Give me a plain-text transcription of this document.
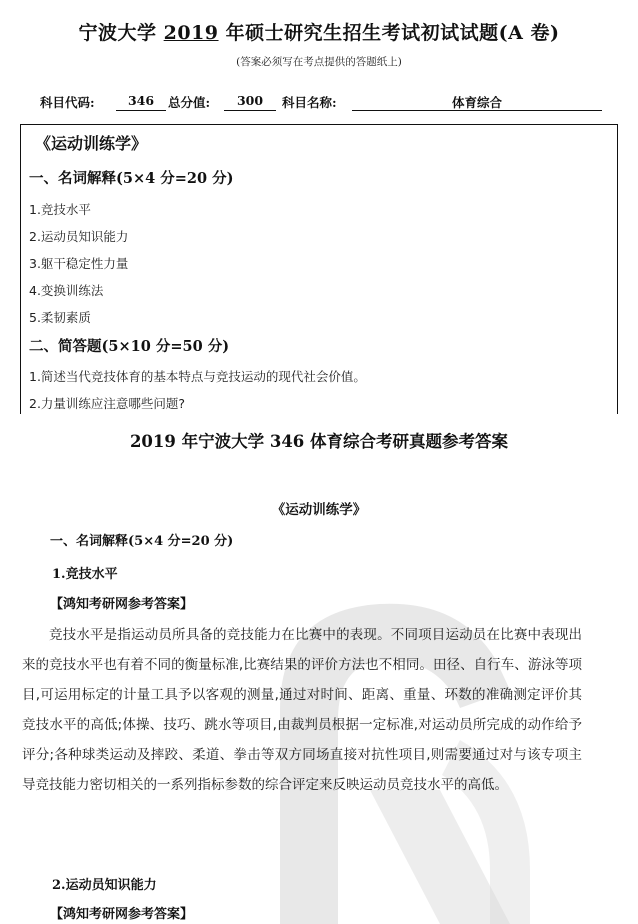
宁波大学 2019 年硕士研究生招生考试初试试题(A 卷)
(答案必须写在考点提供的答题纸上)
科目代码:	346	总分值:	300	科目名称:	体育综合
《运动训练学》
一、名词解释(5×4 分=20 分)
1.竞技水平
2.运动员知识能力
3.躯干稳定性力量
4.变换训练法
5.柔韧素质
二、简答题(5×10 分=50 分)
1.简述当代竞技体育的基本特点与竞技运动的现代社会价值。
2.力量训练应注意哪些问题?
2019 年宁波大学 346 体育综合考研真题参考答案
《运动训练学》
一、名词解释(5×4 分=20 分)
1.竞技水平
【鸿知考研网参考答案】
竞技水平是指运动员所具备的竞技能力在比赛中的表现。不同项目运动员在比赛中表现出来的竞技水平也有着不同的衡量标准,比赛结果的评价方法也不相同。田径、自行车、游泳等项目,可运用标定的计量工具予以客观的测量,通过对时间、距离、重量、环数的准确测定评价其竞技水平的高低;体操、技巧、跳水等项目,由裁判员根据一定标准,对运动员所完成的动作给予评分;各种球类运动及摔跤、柔道、拳击等双方同场直接对抗性项目,则需要通过对与该专项主导竞技能力密切相关的一系列指标参数的综合评定来反映运动员竞技水平的高低。
2.运动员知识能力
【鸿知考研网参考答案】
